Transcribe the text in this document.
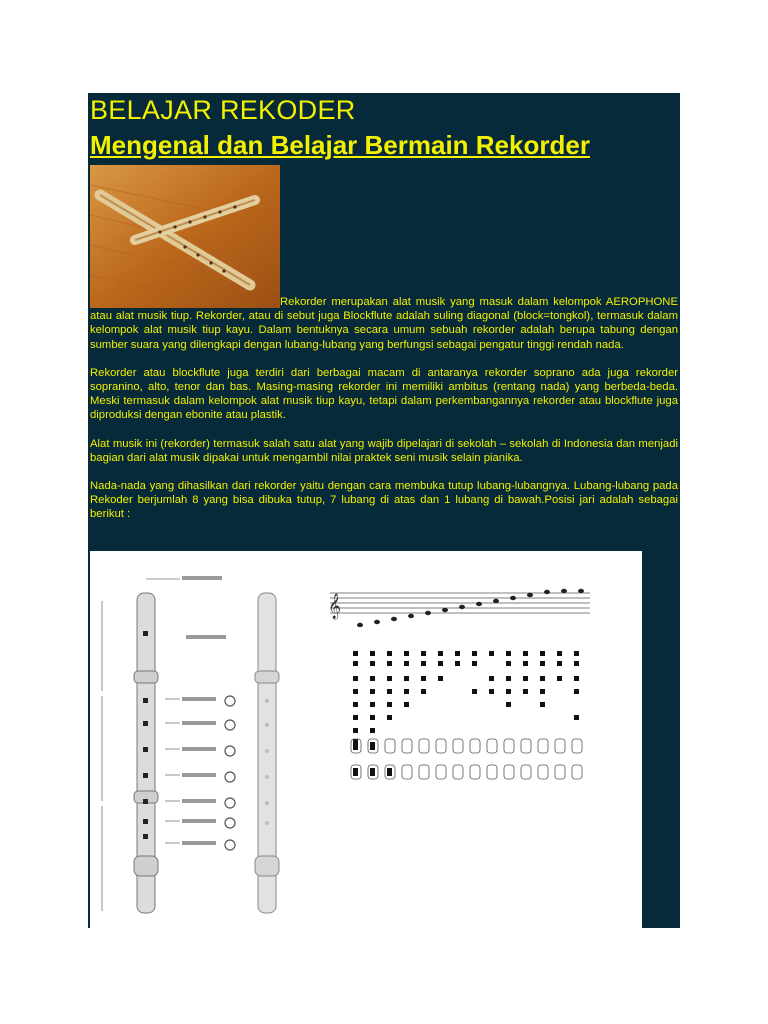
BELAJAR REKODER
Mengenal dan Belajar Bermain Rekorder

Rekorder merupakan alat musik yang masuk dalam kelompok AEROPHONE atau alat musik tiup. Rekorder, atau di sebut juga Blockflute adalah suling diagonal (block=tongkol), termasuk dalam kelompok alat musik tiup kayu. Dalam bentuknya secara umum sebuah rekorder adalah berupa tabung dengan sumber suara yang dilengkapi dengan lubang-lubang yang berfungsi sebagai pengatur tinggi rendah nada.

Rekorder atau blockflute juga terdiri dari berbagai macam di antaranya rekorder soprano ada juga rekorder sopranino, alto, tenor dan bas. Masing-masing rekorder ini memiliki ambitus (rentang nada) yang berbeda-beda. Meski termasuk dalam kelompok alat musik tiup kayu, tetapi dalam perkembangannya rekorder atau blockflute juga diproduksi dengan ebonite atau plastik.

Alat musik ini (rekorder) termasuk salah satu alat yang wajib dipelajari di sekolah – sekolah di Indonesia dan menjadi bagian dari alat musik dipakai untuk mengambil nilai praktek seni musik selain pianika.

Nada-nada yang dihasilkan dari rekorder yaitu dengan cara membuka tutup lubang-lubangnya. Lubang-lubang pada Rekoder berjumlah 8 yang bisa dibuka tutup, 7 lubang di atas dan 1 lubang di bawah.Posisi jari adalah sebagai berikut :

𝄞
